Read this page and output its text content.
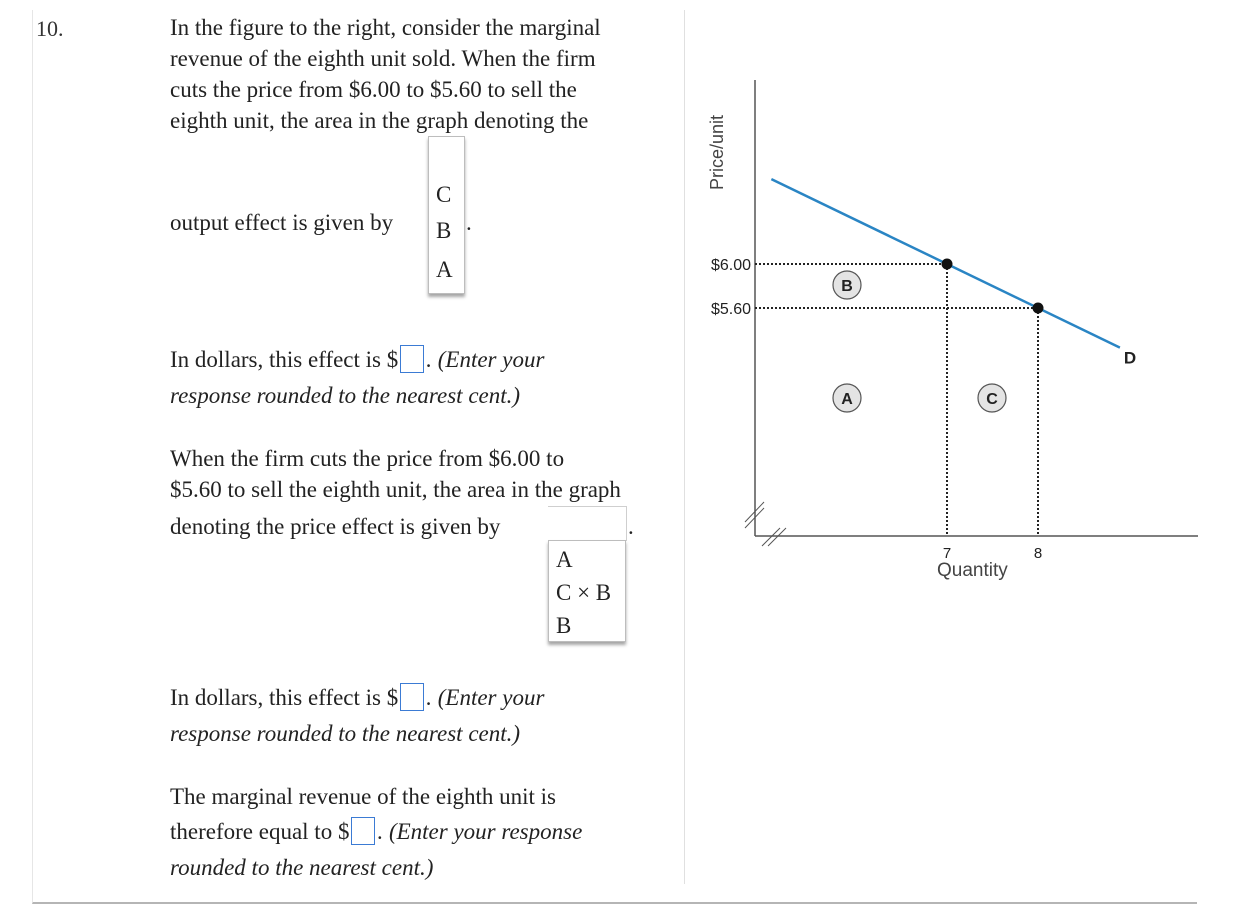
10.	In the figure to the right, consider the marginal
revenue of the eighth unit sold. When the firm
cuts the price from $6.00 to $5.60 to sell the
eighth unit, the area in the graph denoting the
output effect is given by	.
C
B
A
In dollars, this effect is $ . (Enter your
response rounded to the nearest cent.)
When the firm cuts the price from $6.00 to
$5.60 to sell the eighth unit, the area in the graph
denoting the price effect is given by	.
A
C × B
B
In dollars, this effect is $ . (Enter your
response rounded to the nearest cent.)
The marginal revenue of the eighth unit is
therefore equal to $ . (Enter your response
rounded to the nearest cent.)
Price/unit
Quantity
$6.00
7
$5.60
8
D
B
A	C
